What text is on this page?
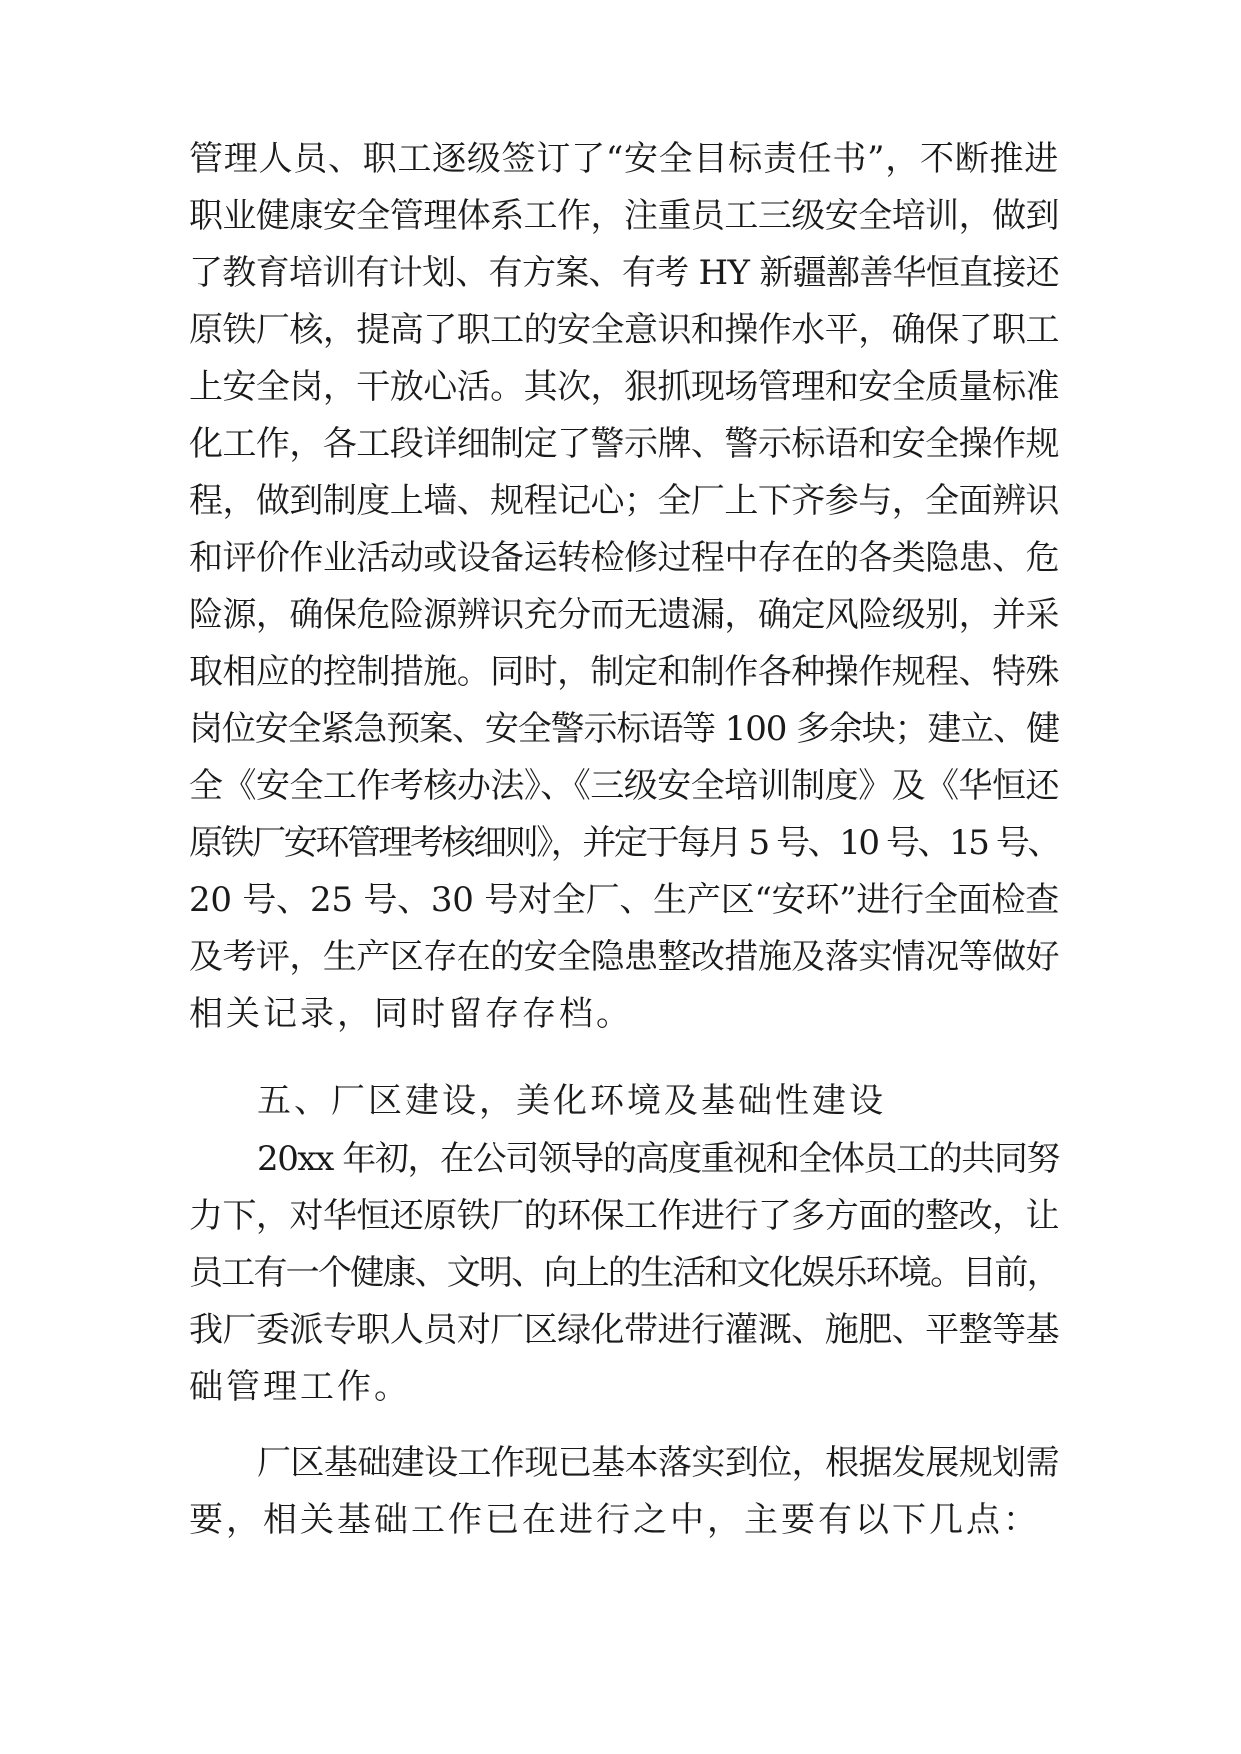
管理人员、职工逐级签订了“安全目标责任书”，不断推进
职业健康安全管理体系工作，注重员工三级安全培训，做到
了教育培训有计划、有方案、有考 HY 新疆鄯善华恒直接还
原铁厂核，提高了职工的安全意识和操作水平，确保了职工
上安全岗，干放心活。其次，狠抓现场管理和安全质量标准
化工作，各工段详细制定了警示牌、警示标语和安全操作规
程，做到制度上墙、规程记心；全厂上下齐参与，全面辨识
和评价作业活动或设备运转检修过程中存在的各类隐患、危
险源，确保危险源辨识充分而无遗漏，确定风险级别，并采
取相应的控制措施。同时，制定和制作各种操作规程、特殊
岗位安全紧急预案、安全警示标语等 100 多余块；建立、健
全《安全工作考核办法》、《三级安全培训制度》及《华恒还
原铁厂安环管理考核细则》，并定于每月 5 号、10 号、15 号、
20 号、25 号、30 号对全厂、生产区“安环”进行全面检查
及考评，生产区存在的安全隐患整改措施及落实情况等做好
相关记录，同时留存存档。
五、厂区建设，美化环境及基础性建设
20xx 年初，在公司领导的高度重视和全体员工的共同努
力下，对华恒还原铁厂的环保工作进行了多方面的整改，让
员工有一个健康、文明、向上的生活和文化娱乐环境。目前，
我厂委派专职人员对厂区绿化带进行灌溉、施肥、平整等基
础管理工作。
厂区基础建设工作现已基本落实到位，根据发展规划需
要，相关基础工作已在进行之中，主要有以下几点：
